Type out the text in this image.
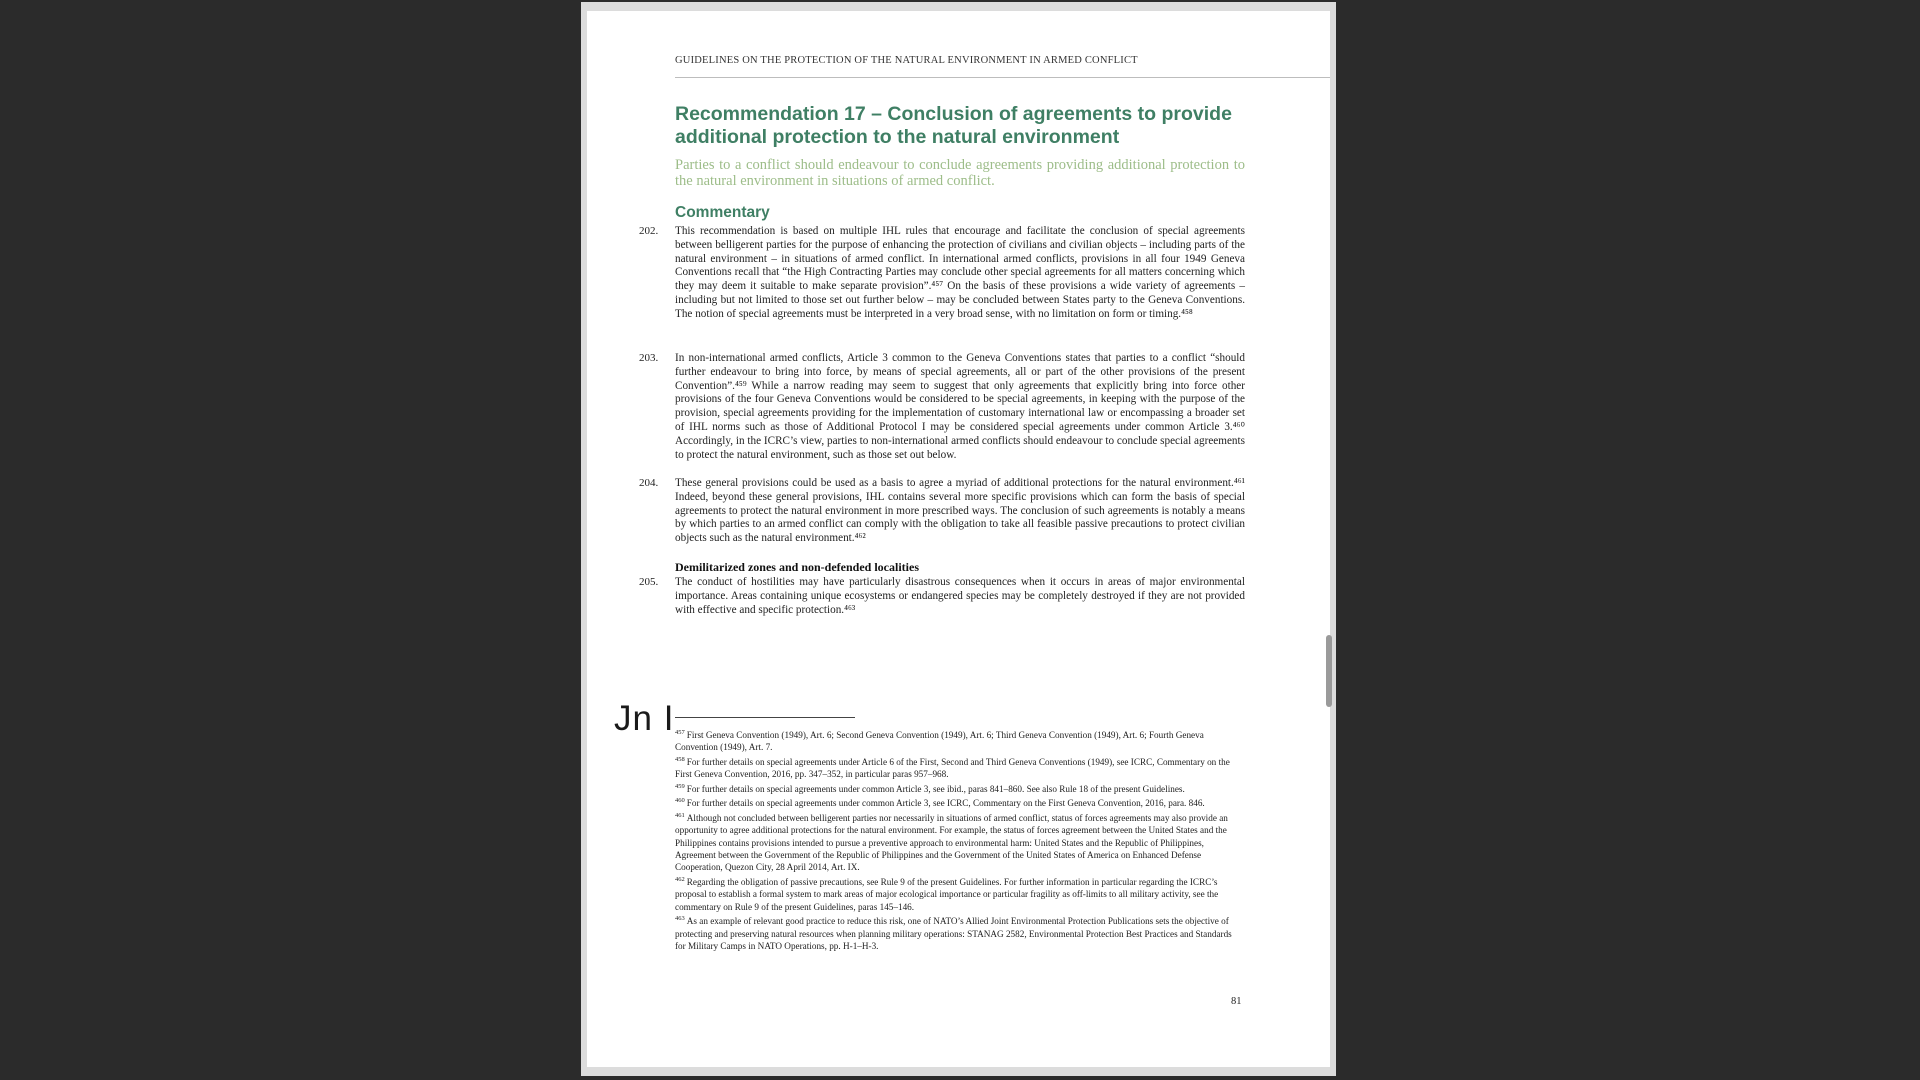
GUIDELINES ON THE PROTECTION OF THE NATURAL ENVIRONMENT IN ARMED CONFLICT
Recommendation 17 – Conclusion of agreements to provide additional protection to the natural environment
Parties to a conflict should endeavour to conclude agreements providing additional protection to the natural environment in situations of armed conflict.
Commentary
202. This recommendation is based on multiple IHL rules that encourage and facilitate the conclusion of special agreements between belligerent parties for the purpose of enhancing the protection of civilians and civilian objects – including parts of the natural environment – in situations of armed conflict. In international armed conflicts, provisions in all four 1949 Geneva Conventions recall that “the High Contracting Parties may conclude other special agreements for all matters concerning which they may deem it suitable to make separate provision”.⁴⁵⁷ On the basis of these provisions a wide variety of agreements – including but not limited to those set out further below – may be concluded between States party to the Geneva Conventions. The notion of special agreements must be interpreted in a very broad sense, with no limitation on form or timing.⁴⁵⁸
203. In non-international armed conflicts, Article 3 common to the Geneva Conventions states that parties to a conflict “should further endeavour to bring into force, by means of special agreements, all or part of the other provisions of the present Convention”.⁴⁵⁹ While a narrow reading may seem to suggest that only agreements that explicitly bring into force other provisions of the four Geneva Conventions would be considered to be special agreements, in keeping with the purpose of the provision, special agreements providing for the implementation of customary international law or encompassing a broader set of IHL norms such as those of Additional Protocol I may be considered special agreements under common Article 3.⁴⁶⁰ Accordingly, in the ICRC’s view, parties to non-international armed conflicts should endeavour to conclude special agreements to protect the natural environment, such as those set out below.
204. These general provisions could be used as a basis to agree a myriad of additional protections for the natural environment.⁴⁶¹ Indeed, beyond these general provisions, IHL contains several more specific provisions which can form the basis of special agreements to protect the natural environment in more prescribed ways. The conclusion of such agreements is notably a means by which parties to an armed conflict can comply with the obligation to take all feasible passive precautions to protect civilian objects such as the natural environment.⁴⁶²
Demilitarized zones and non-defended localities
205. The conduct of hostilities may have particularly disastrous consequences when it occurs in areas of major environmental importance. Areas containing unique ecosystems or endangered species may be completely destroyed if they are not provided with effective and specific protection.⁴⁶³
Jn I $^{457}$ First Geneva Convention (1949), Art. 6; Second Geneva Convention (1949), Art. 6; Third Geneva Convention (1949), Art. 6; Fourth Geneva Convention (1949), Art. 7.
$^{458}$ For further details on special agreements under Article 6 of the First, Second and Third Geneva Conventions (1949), see ICRC, Commentary on the First Geneva Convention, 2016, pp. 347–352, in particular paras 957–968.
$^{459}$ For further details on special agreements under common Article 3, see ibid., paras 841–860. See also Rule 18 of the present Guidelines.
$^{460}$ For further details on special agreements under common Article 3, see ICRC, Commentary on the First Geneva Convention, 2016, para. 846.
$^{461}$ Although not concluded between belligerent parties nor necessarily in situations of armed conflict, status of forces agreements may also provide an opportunity to agree additional protections for the natural environment. For example, the status of forces agreement between the United States and the Philippines contains provisions intended to pursue a preventive approach to environmental harm: United States and the Republic of Philippines, Agreement between the Government of the Republic of Philippines and the Government of the United States of America on Enhanced Defense Cooperation, Quezon City, 28 April 2014, Art. IX.
$^{462}$ Regarding the obligation of passive precautions, see Rule 9 of the present Guidelines. For further information in particular regarding the ICRC’s proposal to establish a formal system to mark areas of major ecological importance or particular fragility as off-limits to all military activity, see the commentary on Rule 9 of the present Guidelines, paras 145–146.
$^{463}$ As an example of relevant good practice to reduce this risk, one of NATO’s Allied Joint Environmental Protection Publications sets the objective of protecting and preserving natural resources when planning military operations: STANAG 2582, Environmental Protection Best Practices and Standards for Military Camps in NATO Operations, pp. H-1–H-3.
81
